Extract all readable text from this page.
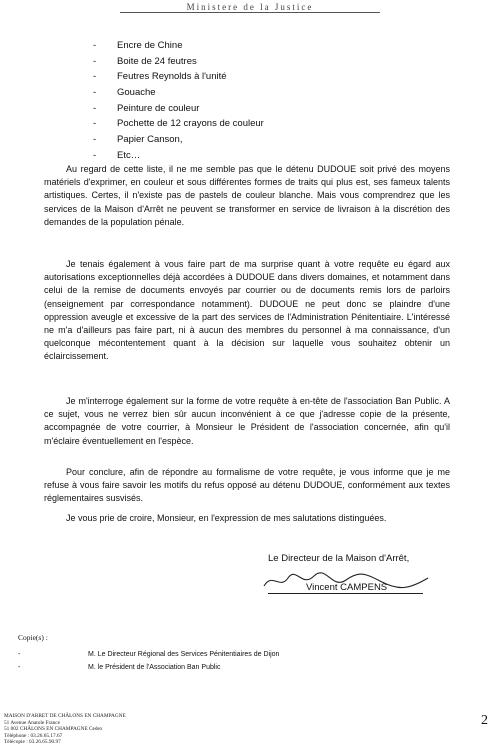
Ministere de la Justice
- Encre de Chine
- Boite de 24 feutres
- Feutres Reynolds à l'unité
- Gouache
- Peinture de couleur
- Pochette de 12 crayons de couleur
- Papier Canson,
- Etc…

Au regard de cette liste, il ne me semble pas que le détenu DUDOUE soit privé des moyens matériels d'exprimer, en couleur et sous différentes formes de traits qui plus est, ses fameux talents artistiques. Certes, il n'existe pas de pastels de couleur blanche. Mais vous comprendrez que les services de la Maison d'Arrêt ne peuvent se transformer en service de livraison à la discrétion des demandes de la population pénale.

Je tenais également à vous faire part de ma surprise quant à votre requête eu égard aux autorisations exceptionnelles déjà accordées à DUDOUE dans divers domaines, et notamment dans celui de la remise de documents envoyés par courrier ou de documents remis lors de parloirs (enseignement par correspondance notamment). DUDOUE ne peut donc se plaindre d'une oppression aveugle et excessive de la part des services de l'Administration Pénitentiaire. L'intéressé ne m'a d'ailleurs pas faire part, ni à aucun des membres du personnel à ma connaissance, d'un quelconque mécontentement quant à la décision sur laquelle vous souhaitez obtenir un éclaircissement.

Je m'interroge également sur la forme de votre requête à en-tête de l'association Ban Public. A ce sujet, vous ne verrez bien sûr aucun inconvénient à ce que j'adresse copie de la présente, accompagnée de votre courrier, à Monsieur le Président de l'association concernée, afin qu'il m'éclaire éventuellement en l'espèce.

Pour conclure, afin de répondre au formalisme de votre requête, je vous informe que je me refuse à vous faire savoir les motifs du refus opposé au détenu DUDOUE, conformément aux textes réglementaires susvisés.

Je vous prie de croire, Monsieur, en l'expression de mes salutations distinguées.

Le Directeur de la Maison d'Arrêt,
Vincent CAMPENS
Copie(s) :
-	M. Le Directeur Régional des Services Pénitentiaires de Dijon
-	M. le Président de l'Association Ban Public
MAISON D'ARRET DE CHÂLONS EN CHAMPAGNE
51 Avenue Anatole France
51 002 CHÂLONS EN CHAMPAGNE Cedex
Téléphone : 03.26.65.17.67
Télécopie : 03.26.65.90.97
2
